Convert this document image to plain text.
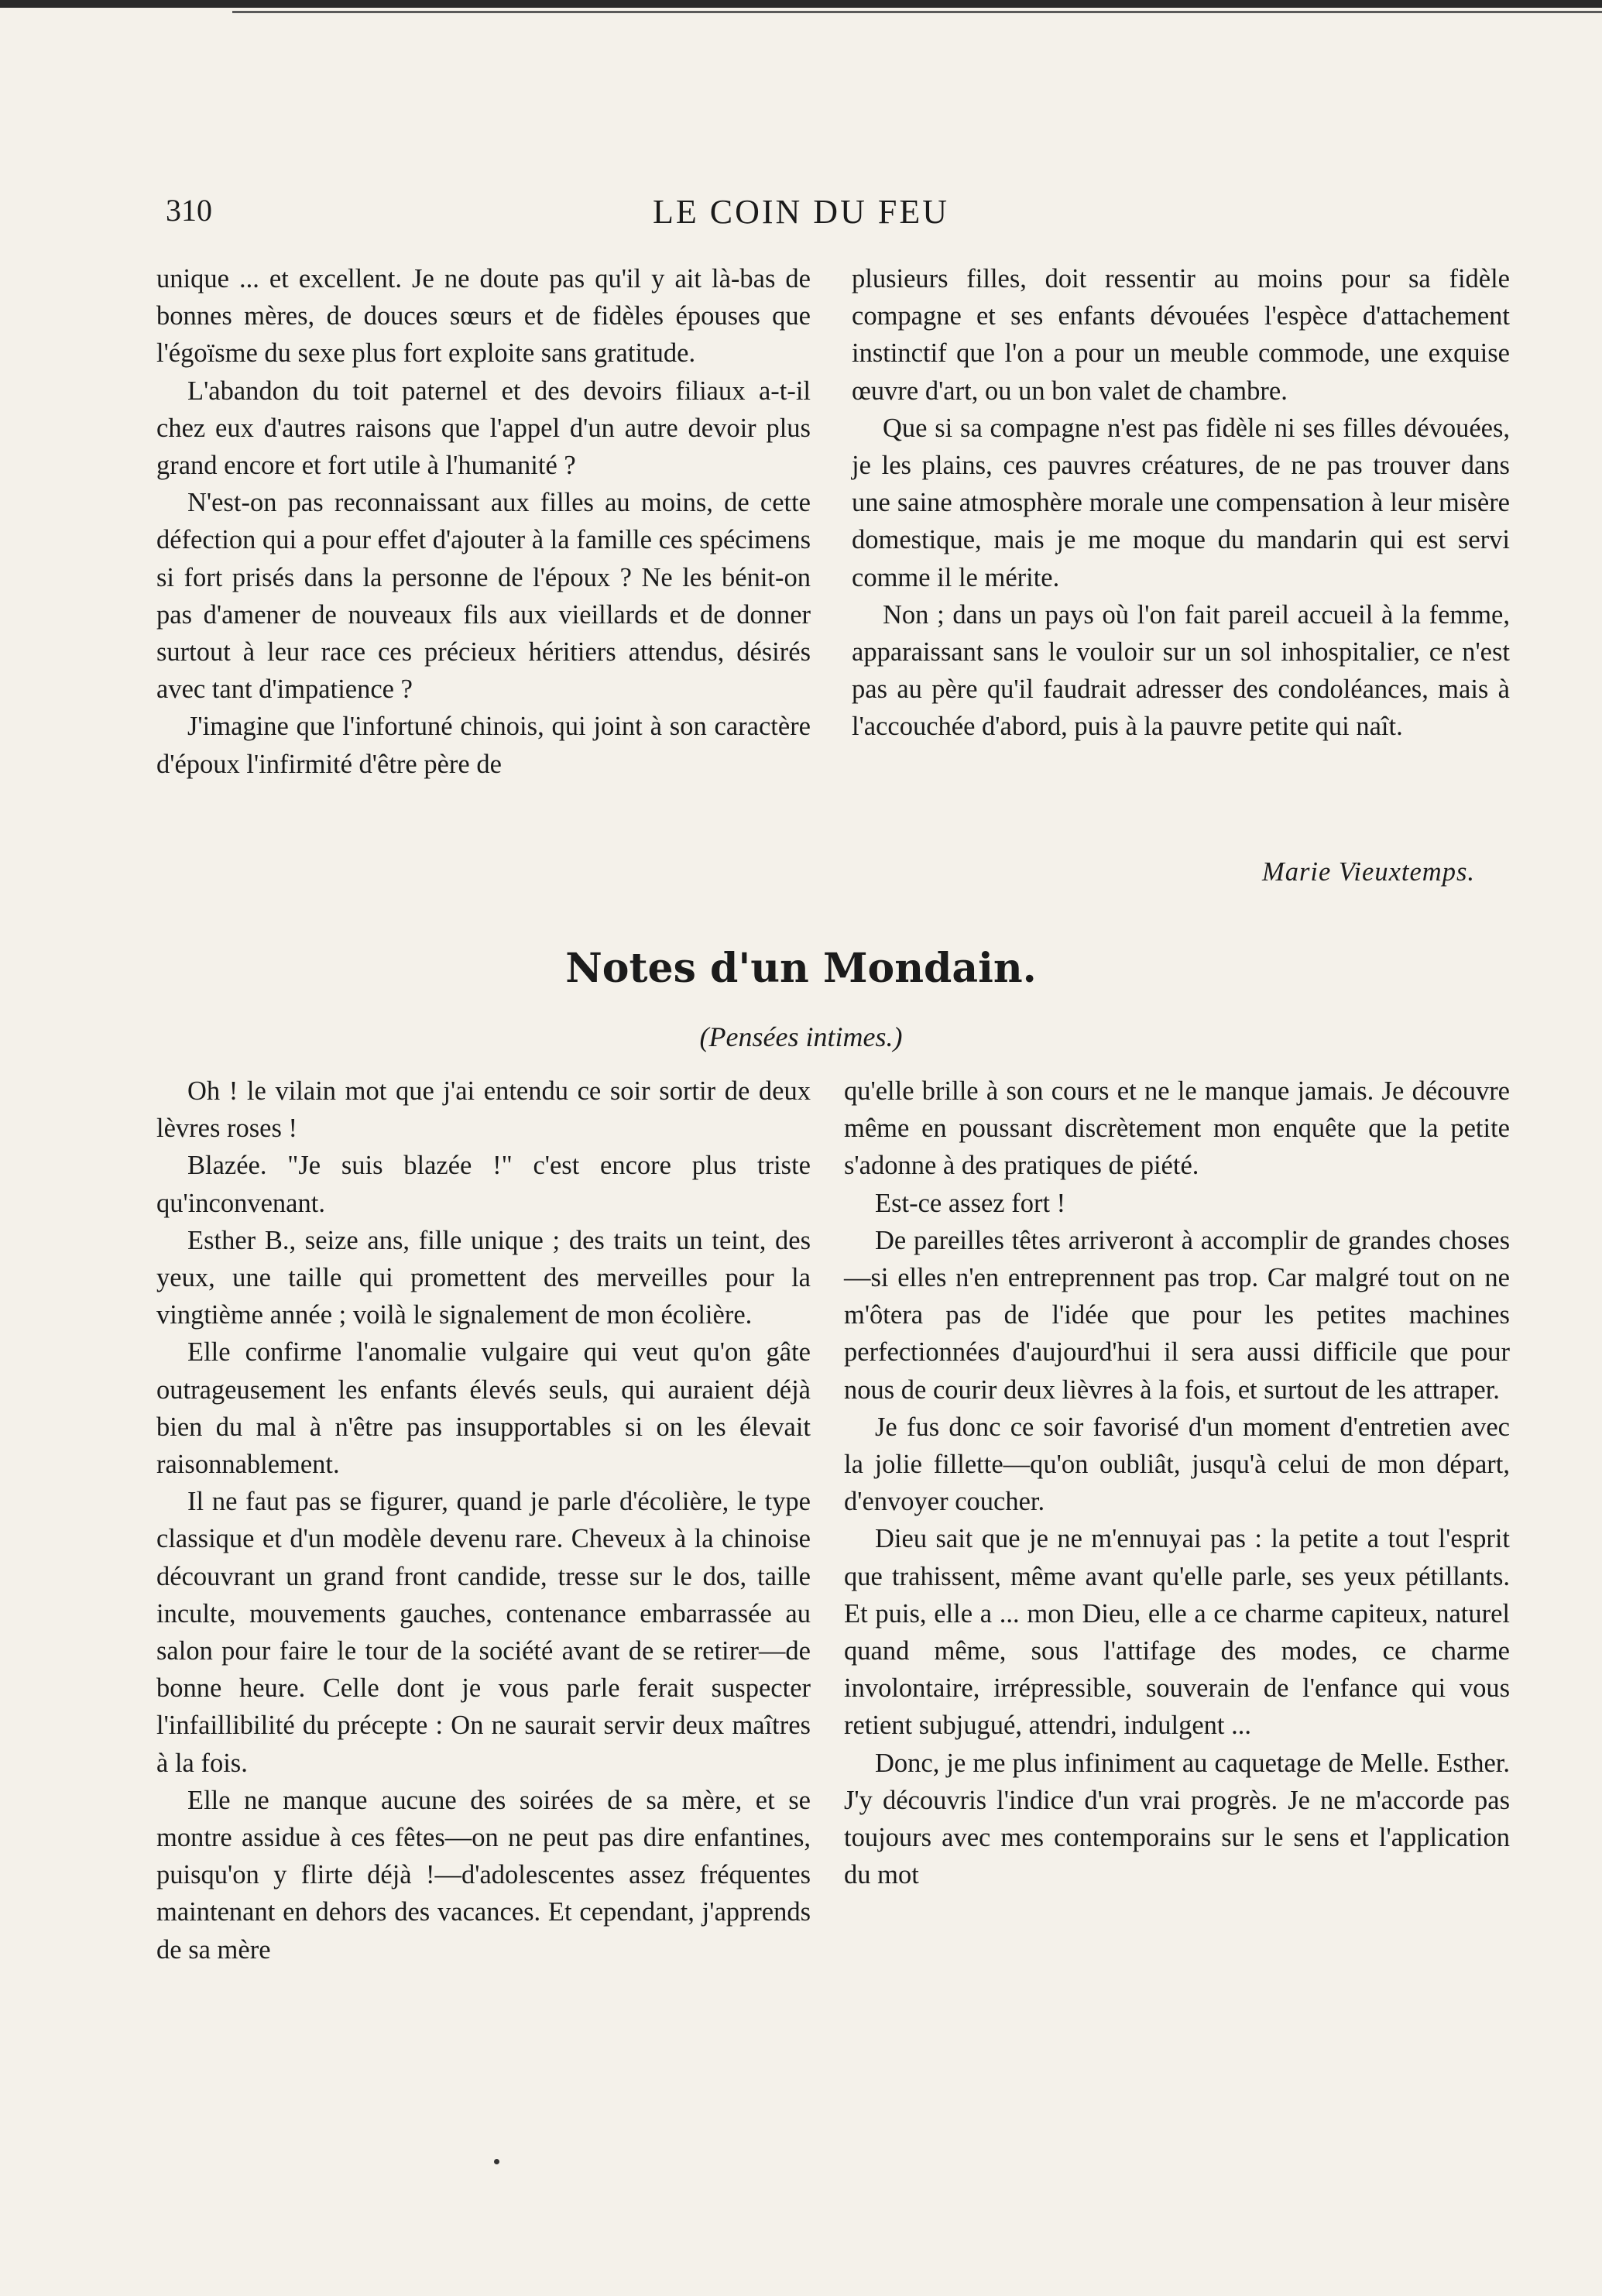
310	LE COIN DU FEU

unique ... et excellent. Je ne doute pas qu'il y ait là-bas de bonnes mères, de douces sœurs et de fidèles épouses que l'égoïsme du sexe plus fort exploite sans gratitude.

L'abandon du toit paternel et des devoirs filiaux a-t-il chez eux d'autres raisons que l'appel d'un autre devoir plus grand encore et fort utile à l'humanité ?

N'est-on pas reconnaissant aux filles au moins, de cette défection qui a pour effet d'ajouter à la famille ces spécimens si fort prisés dans la personne de l'époux ? Ne les bénit-on pas d'amener de nouveaux fils aux vieillards et de donner surtout à leur race ces précieux héritiers attendus, désirés avec tant d'impatience ?

J'imagine que l'infortuné chinois, qui joint à son caractère d'époux l'infirmité d'être père de

plusieurs filles, doit ressentir au moins pour sa fidèle compagne et ses enfants dévouées l'espèce d'attachement instinctif que l'on a pour un meuble commode, une exquise œuvre d'art, ou un bon valet de chambre.

Que si sa compagne n'est pas fidèle ni ses filles dévouées, je les plains, ces pauvres créatures, de ne pas trouver dans une saine atmosphère morale une compensation à leur misère domestique, mais je me moque du mandarin qui est servi comme il le mérite.

Non ; dans un pays où l'on fait pareil accueil à la femme, apparaissant sans le vouloir sur un sol inhospitalier, ce n'est pas au père qu'il faudrait adresser des condoléances, mais à l'accouchée d'abord, puis à la pauvre petite qui naît.

Marie Vieuxtemps.
Notes d'un Mondain.
(Pensées intimes.)

Oh ! le vilain mot que j'ai entendu ce soir sortir de deux lèvres roses !

Blazée. "Je suis blazée !" c'est encore plus triste qu'inconvenant.

Esther B., seize ans, fille unique ; des traits un teint, des yeux, une taille qui promettent des merveilles pour la vingtième année ; voilà le signalement de mon écolière.

Elle confirme l'anomalie vulgaire qui veut qu'on gâte outrageusement les enfants élevés seuls, qui auraient déjà bien du mal à n'être pas insupportables si on les élevait raisonnablement.

Il ne faut pas se figurer, quand je parle d'écolière, le type classique et d'un modèle devenu rare. Cheveux à la chinoise découvrant un grand front candide, tresse sur le dos, taille inculte, mouvements gauches, contenance embarrassée au salon pour faire le tour de la société avant de se retirer—de bonne heure. Celle dont je vous parle ferait suspecter l'infaillibilité du précepte : On ne saurait servir deux maîtres à la fois.

Elle ne manque aucune des soirées de sa mère, et se montre assidue à ces fêtes—on ne peut pas dire enfantines, puisqu'on y flirte déjà !—d'adolescentes assez fréquentes maintenant en dehors des vacances. Et cependant, j'apprends de sa mère

qu'elle brille à son cours et ne le manque jamais. Je découvre même en poussant discrètement mon enquête que la petite s'adonne à des pratiques de piété.

Est-ce assez fort !

De pareilles têtes arriveront à accomplir de grandes choses—si elles n'en entreprennent pas trop. Car malgré tout on ne m'ôtera pas de l'idée que pour les petites machines perfectionnées d'aujourd'hui il sera aussi difficile que pour nous de courir deux lièvres à la fois, et surtout de les attraper.

Je fus donc ce soir favorisé d'un moment d'entretien avec la jolie fillette—qu'on oubliât, jusqu'à celui de mon départ, d'envoyer coucher.

Dieu sait que je ne m'ennuyai pas : la petite a tout l'esprit que trahissent, même avant qu'elle parle, ses yeux pétillants. Et puis, elle a ... mon Dieu, elle a ce charme capiteux, naturel quand même, sous l'attifage des modes, ce charme involontaire, irrépressible, souverain de l'enfance qui vous retient subjugué, attendri, indulgent ...

Donc, je me plus infiniment au caquetage de Melle. Esther. J'y découvris l'indice d'un vrai progrès. Je ne m'accorde pas toujours avec mes contemporains sur le sens et l'application du mot
